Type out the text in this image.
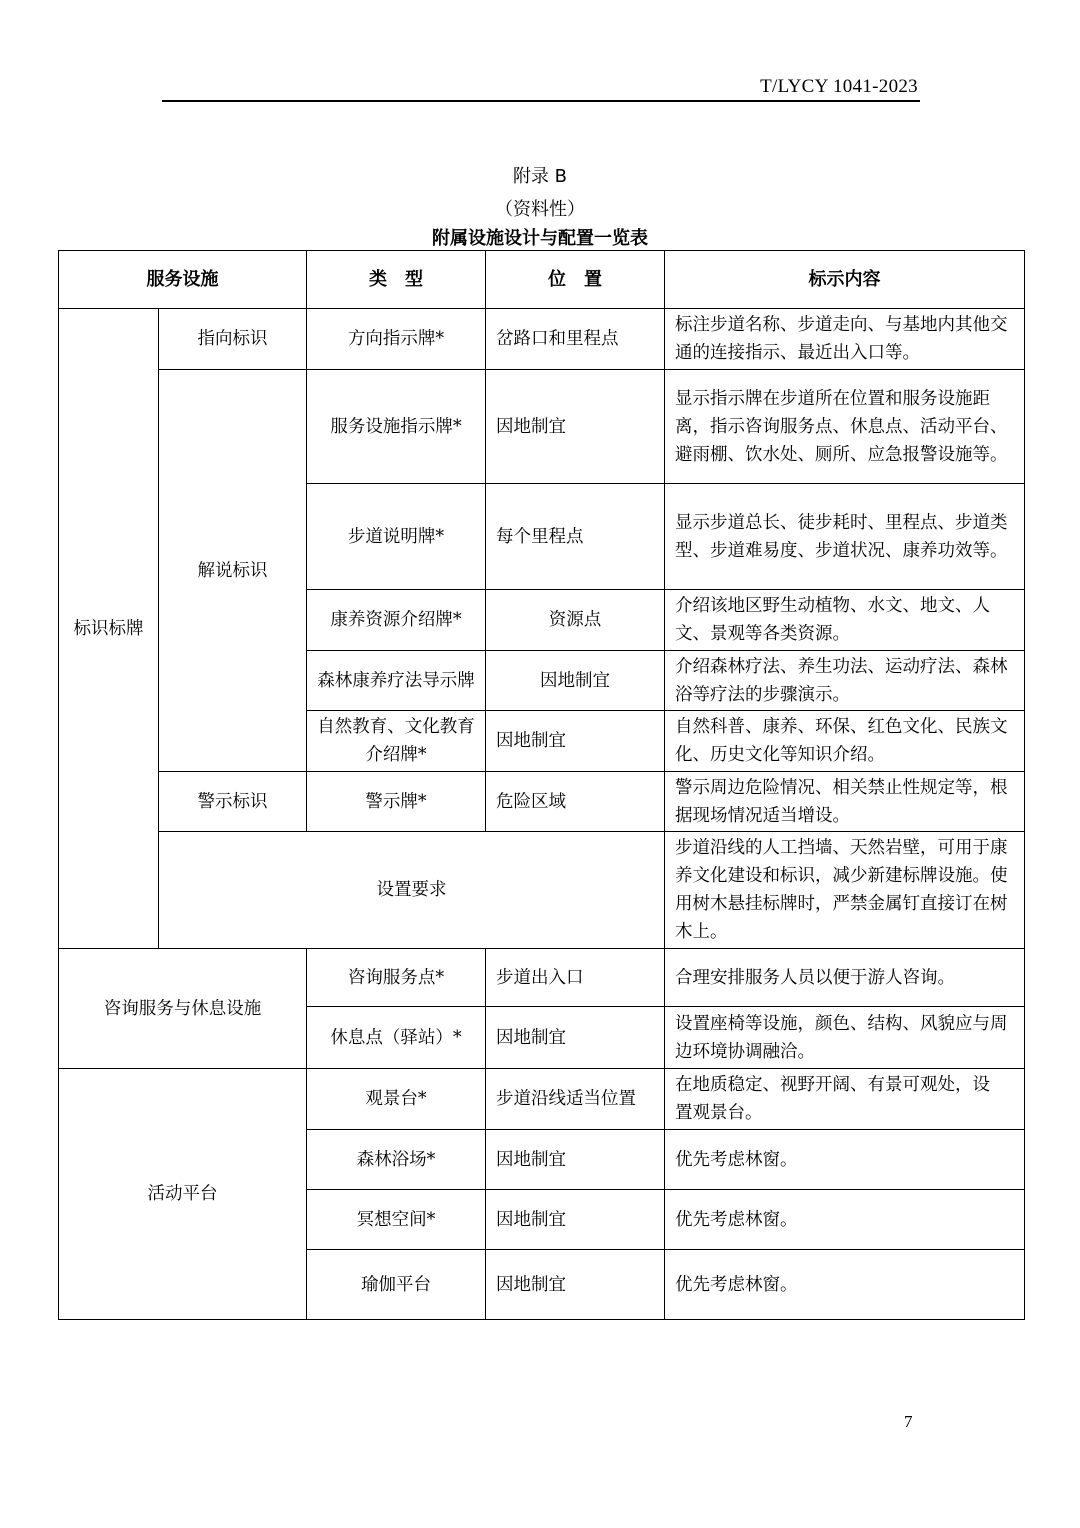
T/LYCY 1041-2023
附录 B
（资料性）
附属设施设计与配置一览表
服务设施		类　型	位　置	标示内容
标识标牌	指向标识	方向指示牌*	岔路口和里程点	标注步道名称、步道走向、与基地内其他交通的连接指示、最近出入口等。
	解说标识	服务设施指示牌*	因地制宜	显示指示牌在步道所在位置和服务设施距离，指示咨询服务点、休息点、活动平台、避雨棚、饮水处、厕所、应急报警设施等。
		步道说明牌*	每个里程点	显示步道总长、徒步耗时、里程点、步道类型、步道难易度、步道状况、康养功效等。
		康养资源介绍牌*	资源点	介绍该地区野生动植物、水文、地文、人文、景观等各类资源。
		森林康养疗法导示牌	因地制宜	介绍森林疗法、养生功法、运动疗法、森林浴等疗法的步骤演示。
		自然教育、文化教育介绍牌*	因地制宜	自然科普、康养、环保、红色文化、民族文化、历史文化等知识介绍。
	警示标识	警示牌*	危险区域	警示周边危险情况、相关禁止性规定等，根据现场情况适当增设。
	设置要求			步道沿线的人工挡墙、天然岩壁，可用于康养文化建设和标识，减少新建标牌设施。使用树木悬挂标牌时，严禁金属钉直接订在树木上。
咨询服务与休息设施		咨询服务点*	步道出入口	合理安排服务人员以便于游人咨询。
		休息点（驿站）*	因地制宜	设置座椅等设施，颜色、结构、风貌应与周边环境协调融洽。
活动平台		观景台*	步道沿线适当位置	在地质稳定、视野开阔、有景可观处，设置观景台。
		森林浴场*	因地制宜	优先考虑林窗。
		冥想空间*	因地制宜	优先考虑林窗。
		瑜伽平台	因地制宜	优先考虑林窗。
7
